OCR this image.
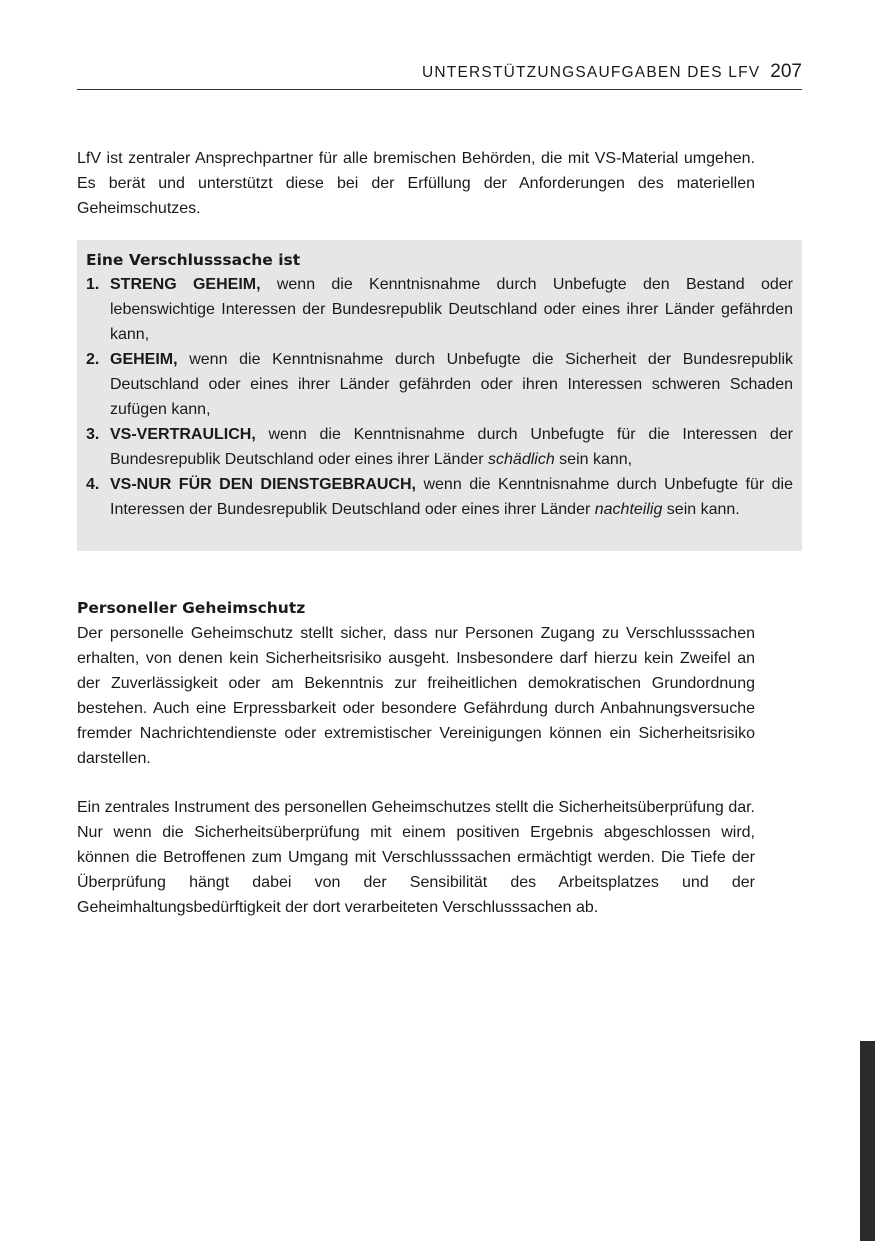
UNTERSTÜTZUNGSAUFGABEN DES LFV 207

LfV ist zentraler Ansprechpartner für alle bremischen Behörden, die mit VS-Material umgehen. Es berät und unterstützt diese bei der Erfüllung der Anforderungen des materiellen Geheimschutzes.

Eine Verschlusssache ist
1. STRENG GEHEIM, wenn die Kenntnisnahme durch Unbefugte den Bestand oder lebenswichtige Interessen der Bundesrepublik Deutschland oder eines ihrer Länder gefährden kann,
2. GEHEIM, wenn die Kenntnisnahme durch Unbefugte die Sicherheit der Bundesrepublik Deutschland oder eines ihrer Länder gefährden oder ihren Interessen schweren Schaden zufügen kann,
3. VS-VERTRAULICH, wenn die Kenntnisnahme durch Unbefugte für die Interessen der Bundesrepublik Deutschland oder eines ihrer Länder schädlich sein kann,
4. VS-NUR FÜR DEN DIENSTGEBRAUCH, wenn die Kenntnisnahme durch Unbefugte für die Interessen der Bundesrepublik Deutschland oder eines ihrer Länder nachteilig sein kann.
Personeller Geheimschutz

Der personelle Geheimschutz stellt sicher, dass nur Personen Zugang zu Verschlusssachen erhalten, von denen kein Sicherheitsrisiko ausgeht. Insbesondere darf hierzu kein Zweifel an der Zuverlässigkeit oder am Bekenntnis zur freiheitlichen demokratischen Grundordnung bestehen. Auch eine Erpressbarkeit oder besondere Gefährdung durch Anbahnungsversuche fremder Nachrichtendienste oder extremistischer Vereinigungen können ein Sicherheitsrisiko darstellen.

Ein zentrales Instrument des personellen Geheimschutzes stellt die Sicherheitsüberprüfung dar. Nur wenn die Sicherheitsüberprüfung mit einem positiven Ergebnis abgeschlossen wird, können die Betroffenen zum Umgang mit Verschlusssachen ermächtigt werden. Die Tiefe der Überprüfung hängt dabei von der Sensibilität des Arbeitsplatzes und der Geheimhaltungsbedürftigkeit der dort verarbeiteten Verschlusssachen ab.
